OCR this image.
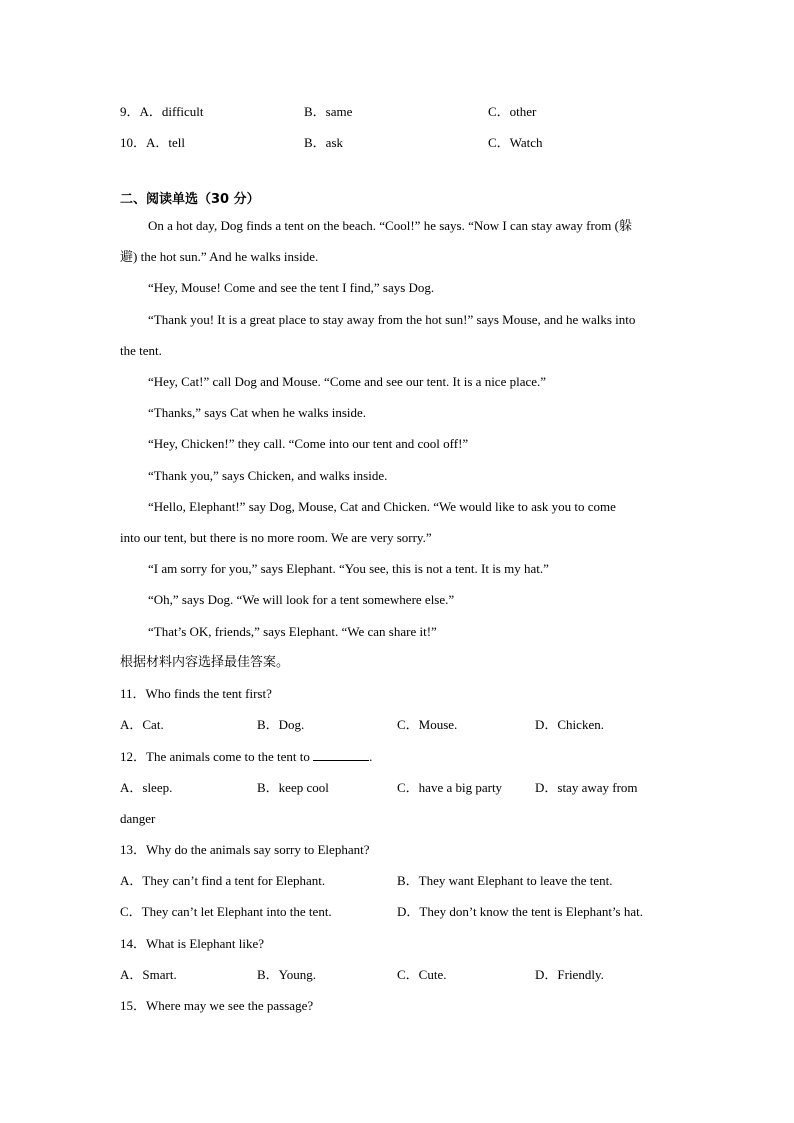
9．A．difficult	B．same	C．other
10．A．tell	B．ask	C．Watch
二、阅读单选（30 分）
On a hot day, Dog finds a tent on the beach. “Cool!” he says. “Now I can stay away from (躲
避) the hot sun.” And he walks inside.
“Hey, Mouse! Come and see the tent I find,” says Dog.
“Thank you! It is a great place to stay away from the hot sun!” says Mouse, and he walks into
the tent.
“Hey, Cat!” call Dog and Mouse. “Come and see our tent. It is a nice place.”
“Thanks,” says Cat when he walks inside.
“Hey, Chicken!” they call. “Come into our tent and cool off!”
“Thank you,” says Chicken, and walks inside.
“Hello, Elephant!” say Dog, Mouse, Cat and Chicken. “We would like to ask you to come
into our tent, but there is no more room. We are very sorry.”
“I am sorry for you,” says Elephant. “You see, this is not a tent. It is my hat.”
“Oh,” says Dog. “We will look for a tent somewhere else.”
“That’s OK, friends,” says Elephant. “We can share it!”
根据材料内容选择最佳答案。
11．Who finds the tent first?
A．Cat.	B．Dog.	C．Mouse.	D．Chicken.
12．The animals come to the tent to	.
A．sleep.	B．keep cool	C．have a big party	D．stay away from
danger
13．Why do the animals say sorry to Elephant?
A．They can’t find a tent for Elephant.	B．They want Elephant to leave the tent.
C．They can’t let Elephant into the tent.	D．They don’t know the tent is Elephant’s hat.
14．What is Elephant like?
A．Smart.	B．Young.	C．Cute.	D．Friendly.
15．Where may we see the passage?
